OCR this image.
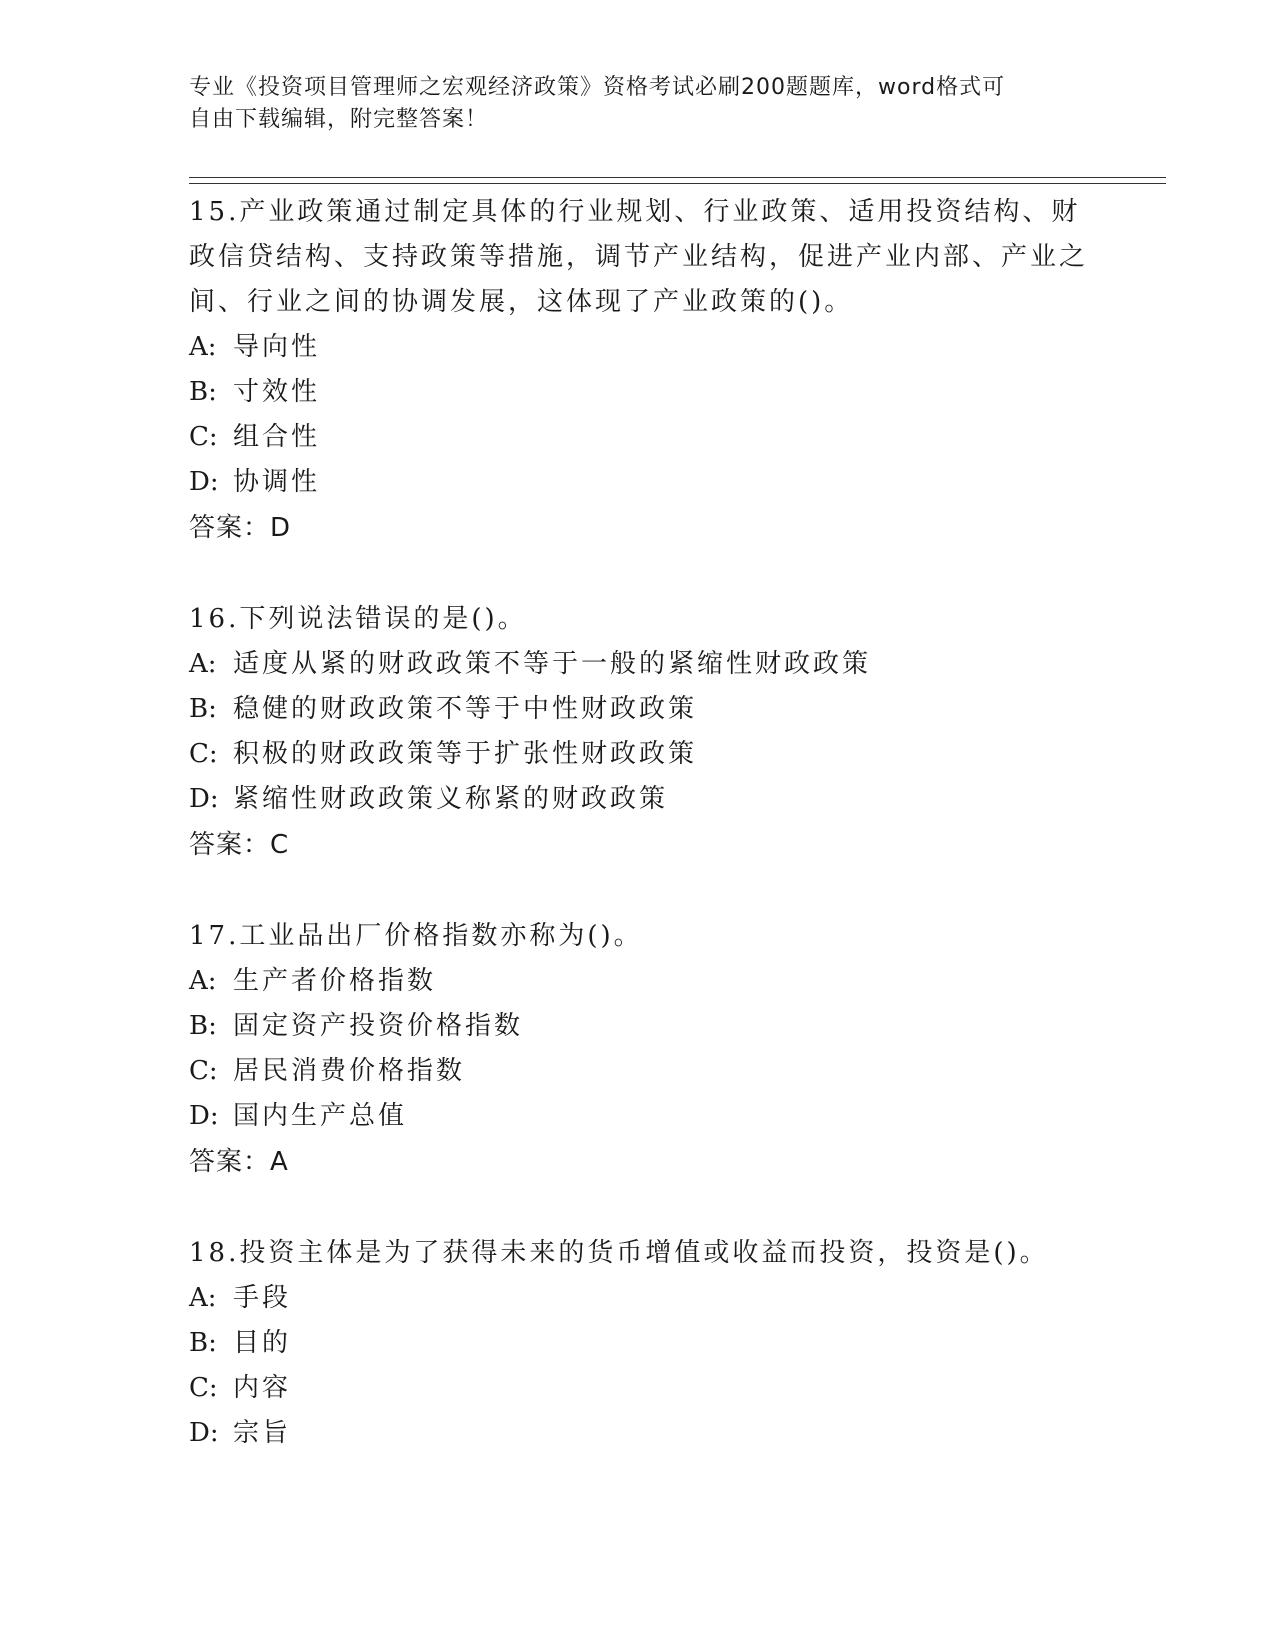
专业《投资项目管理师之宏观经济政策》资格考试必刷200题题库，word格式可
自由下载编辑，附完整答案！

15.产业政策通过制定具体的行业规划、行业政策、适用投资结构、财政信贷结构、支持政策等措施，调节产业结构，促进产业内部、产业之间、行业之间的协调发展，这体现了产业政策的()。

A: 导向性

B: 寸效性

C: 组合性

D: 协调性

答案：D

16.下列说法错误的是()。

A: 适度从紧的财政政策不等于一般的紧缩性财政政策

B: 稳健的财政政策不等于中性财政政策

C: 积极的财政政策等于扩张性财政政策

D: 紧缩性财政政策义称紧的财政政策

答案：C

17.工业品出厂价格指数亦称为()。

A: 生产者价格指数

B: 固定资产投资价格指数

C: 居民消费价格指数

D: 国内生产总值

答案：A

18.投资主体是为了获得未来的货币增值或收益而投资，投资是()。

A: 手段

B: 目的

C: 内容

D: 宗旨
